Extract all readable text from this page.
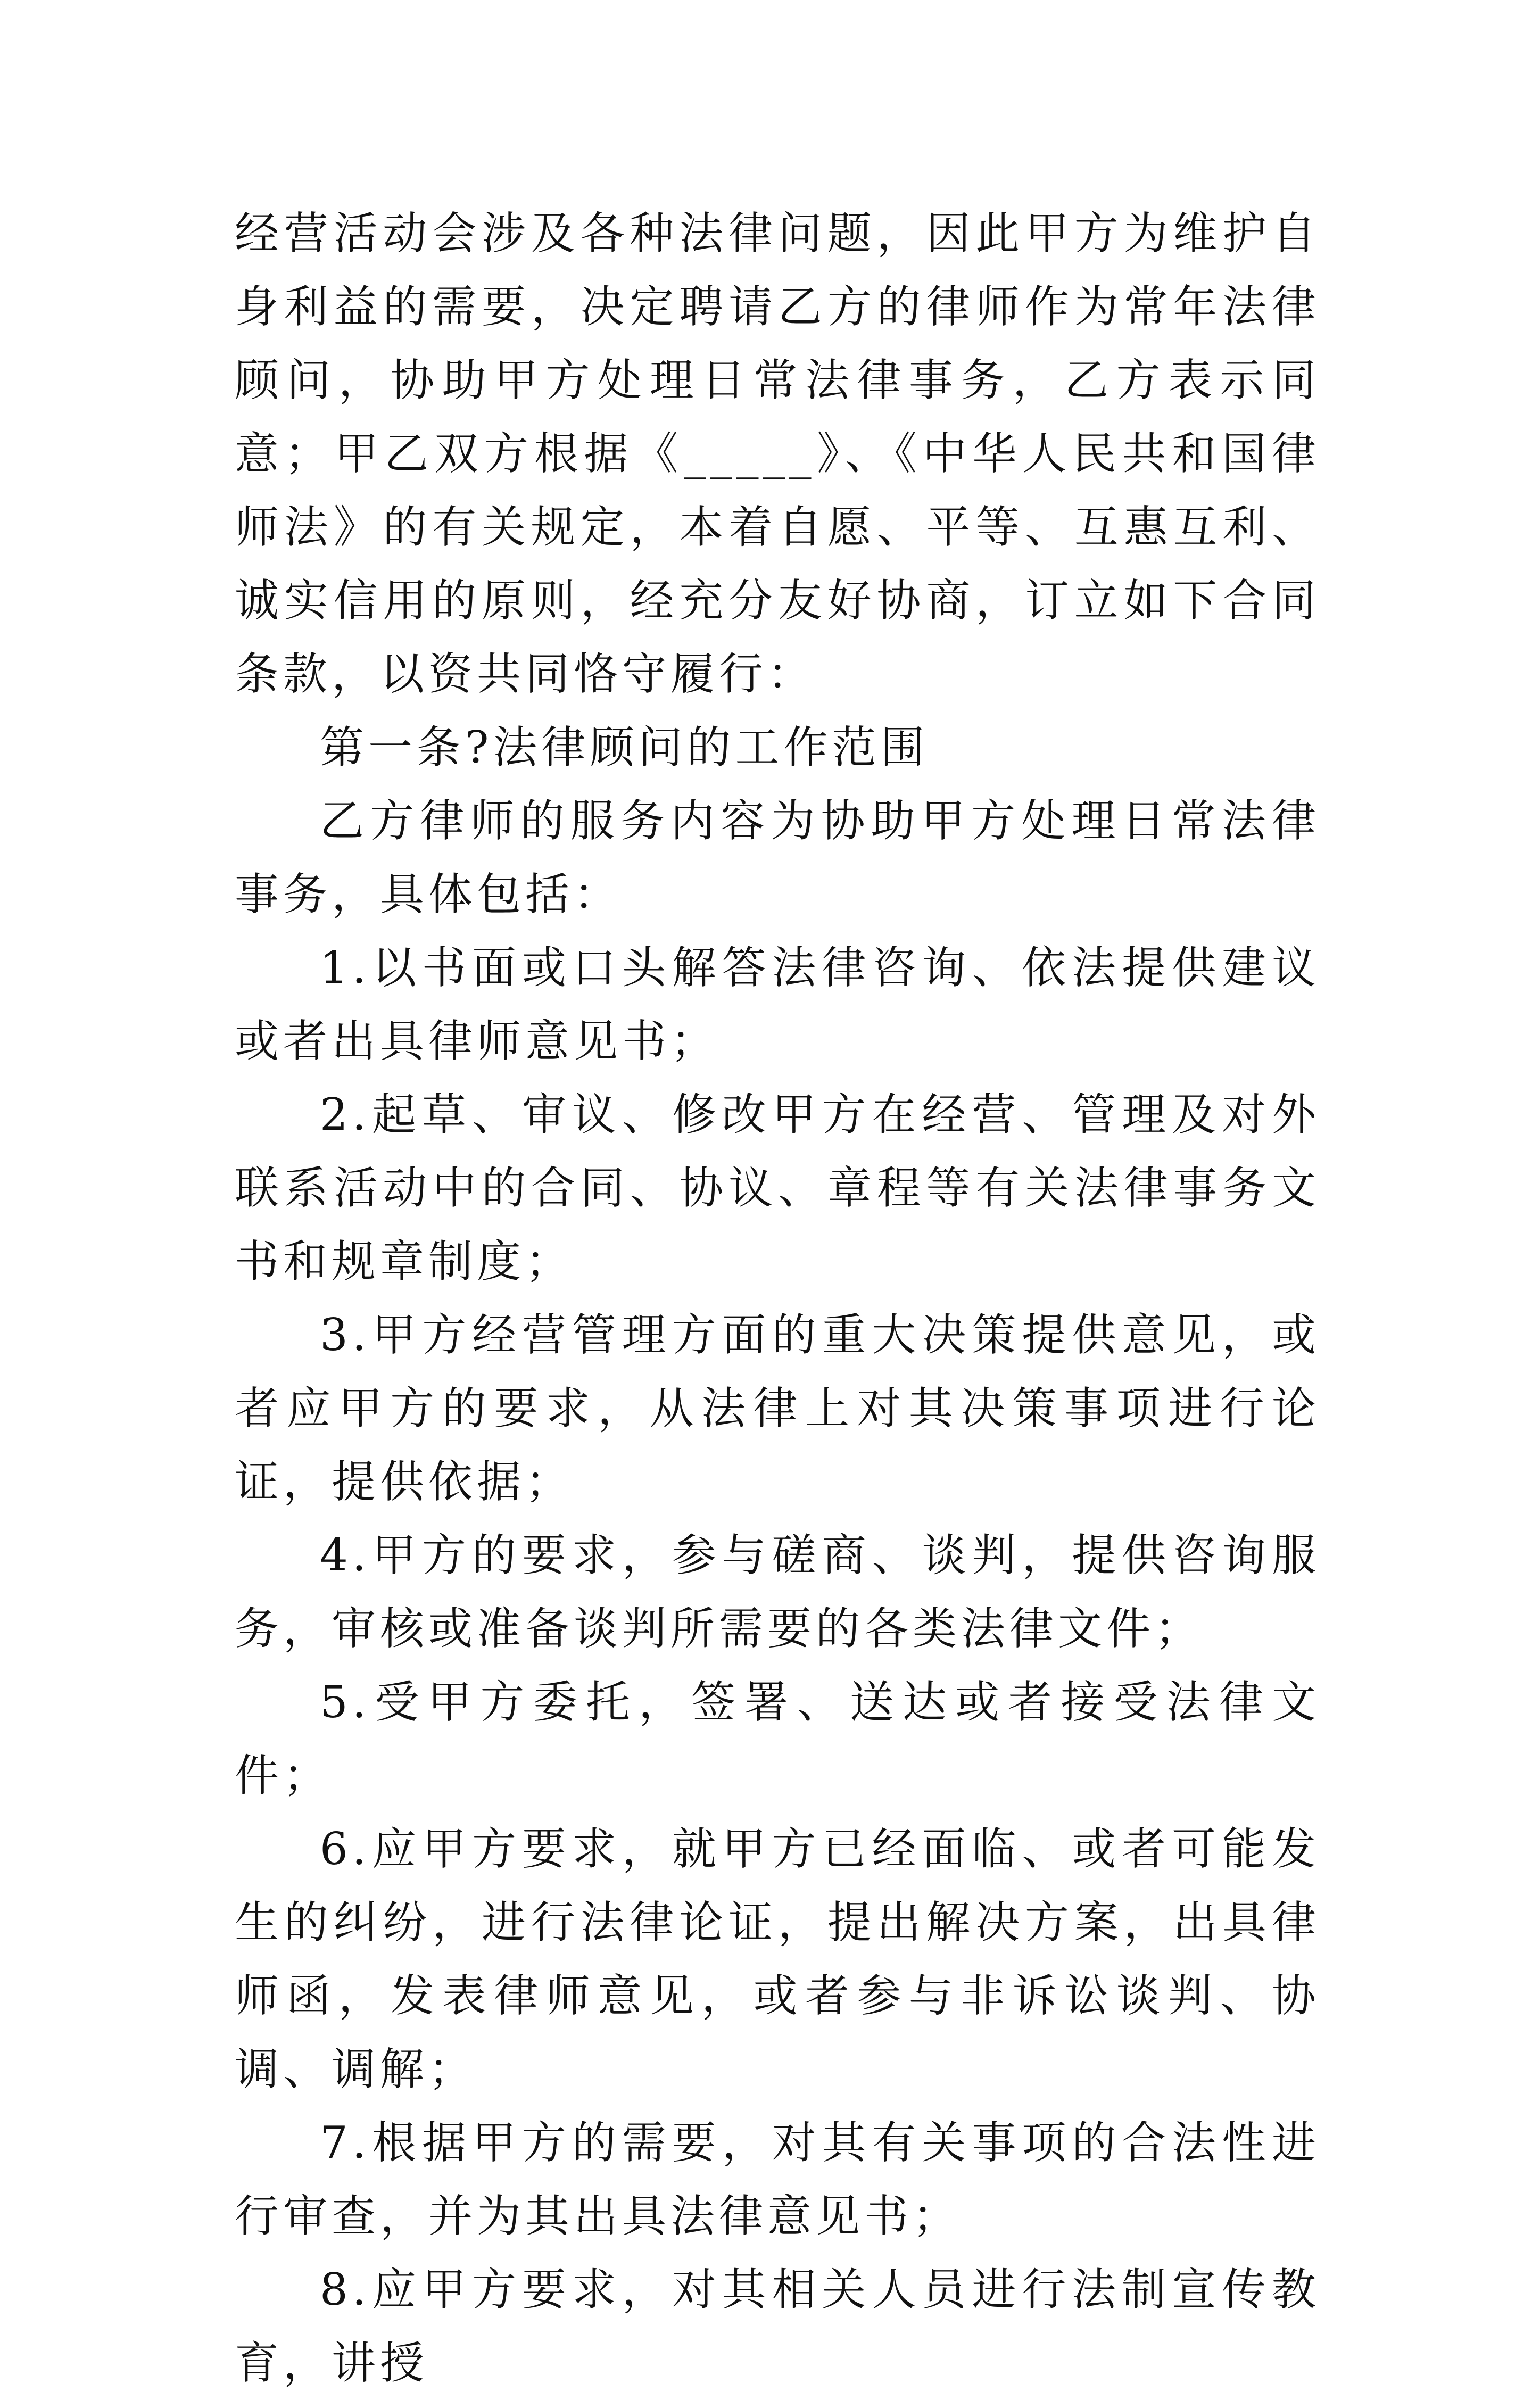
经营活动会涉及各种法律问题，因此甲方为维护自身利益的需要，决定聘请乙方的律师作为常年法律顾问，协助甲方处理日常法律事务，乙方表示同意；甲乙双方根据《_____》、《中华人民共和国律师法》的有关规定，本着自愿、平等、互惠互利、诚实信用的原则，经充分友好协商，订立如下合同条款，以资共同恪守履行：

第一条?法律顾问的工作范围

乙方律师的服务内容为协助甲方处理日常法律事务，具体包括：

1.以书面或口头解答法律咨询、依法提供建议或者出具律师意见书；

2.起草、审议、修改甲方在经营、管理及对外联系活动中的合同、协议、章程等有关法律事务文书和规章制度；

3.甲方经营管理方面的重大决策提供意见，或者应甲方的要求，从法律上对其决策事项进行论证，提供依据；

4.甲方的要求，参与磋商、谈判，提供咨询服务，审核或准备谈判所需要的各类法律文件；

5.受甲方委托，签署、送达或者接受法律文件；

6.应甲方要求，就甲方已经面临、或者可能发生的纠纷，进行法律论证，提出解决方案，出具律师函，发表律师意见，或者参与非诉讼谈判、协调、调解；

7.根据甲方的需要，对其有关事项的合法性进行审查，并为其出具法律意见书；

8.应甲方要求，对其相关人员进行法制宣传教育，讲授
